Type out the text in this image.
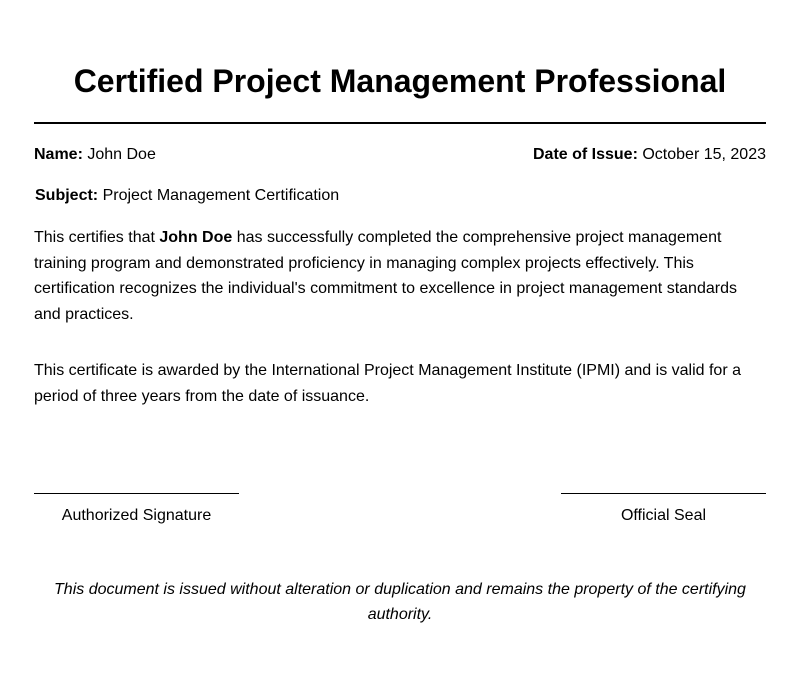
Certified Project Management Professional
Name: John Doe	Date of Issue: October 15, 2023
Subject: Project Management Certification

This certifies that John Doe has successfully completed the comprehensive project management training program and demonstrated proficiency in managing complex projects effectively. This certification recognizes the individual's commitment to excellence in project management standards and practices.

This certificate is awarded by the International Project Management Institute (IPMI) and is valid for a period of three years from the date of issuance.

Authorized Signature	Official Seal

This document is issued without alteration or duplication and remains the property of the certifying authority.
